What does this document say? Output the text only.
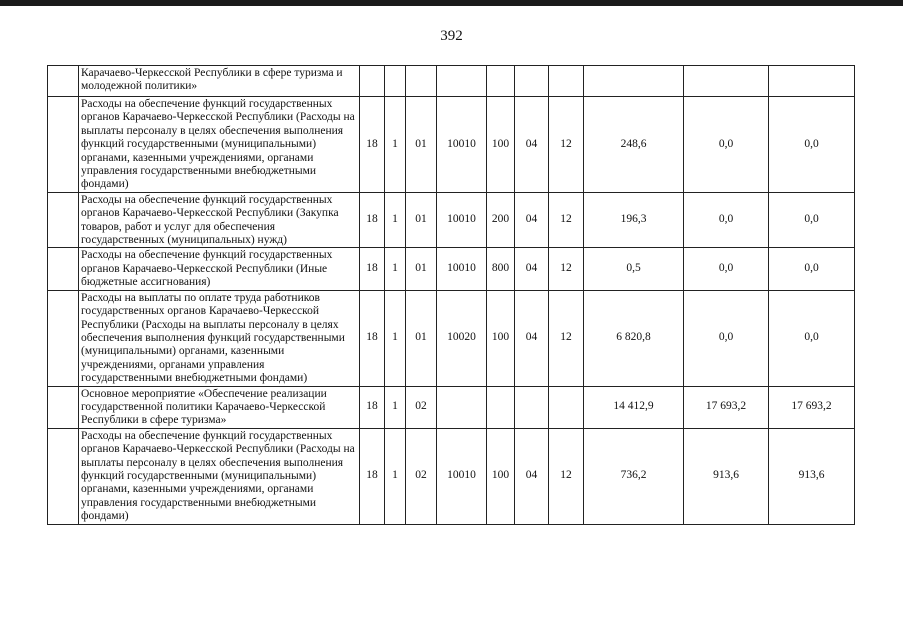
392
	Карачаево-Черкесской Республики в сфере туризма и молодежной политики»										
	Расходы на обеспечение функций государственных органов Карачаево-Черкесской Республики (Расходы на выплаты персоналу в целях обеспечения выполнения функций государственными (муниципальными) органами, казенными учреждениями, органами управления государственными внебюджетными фондами)	18	1	01	10010	100	04	12	248,6	0,0	0,0
	Расходы на обеспечение функций государственных органов Карачаево-Черкесской Республики (Закупка товаров, работ и услуг для обеспечения государственных (муниципальных) нужд)	18	1	01	10010	200	04	12	196,3	0,0	0,0
	Расходы на обеспечение функций государственных органов Карачаево-Черкесской Республики (Иные бюджетные ассигнования)	18	1	01	10010	800	04	12	0,5	0,0	0,0
	Расходы на выплаты по оплате труда работников государственных органов Карачаево-Черкесской Республики (Расходы на выплаты персоналу в целях обеспечения выполнения функций государственными (муниципальными) органами, казенными учреждениями, органами управления государственными внебюджетными фондами)	18	1	01	10020	100	04	12	6 820,8	0,0	0,0
	Основное мероприятие «Обеспечение реализации государственной политики Карачаево-Черкесской Республики в сфере туризма»	18	1	02					14 412,9	17 693,2	17 693,2
	Расходы на обеспечение функций государственных органов Карачаево-Черкесской Республики (Расходы на выплаты персоналу в целях обеспечения выполнения функций государственными (муниципальными) органами, казенными учреждениями, органами управления государственными внебюджетными фондами)	18	1	02	10010	100	04	12	736,2	913,6	913,6
